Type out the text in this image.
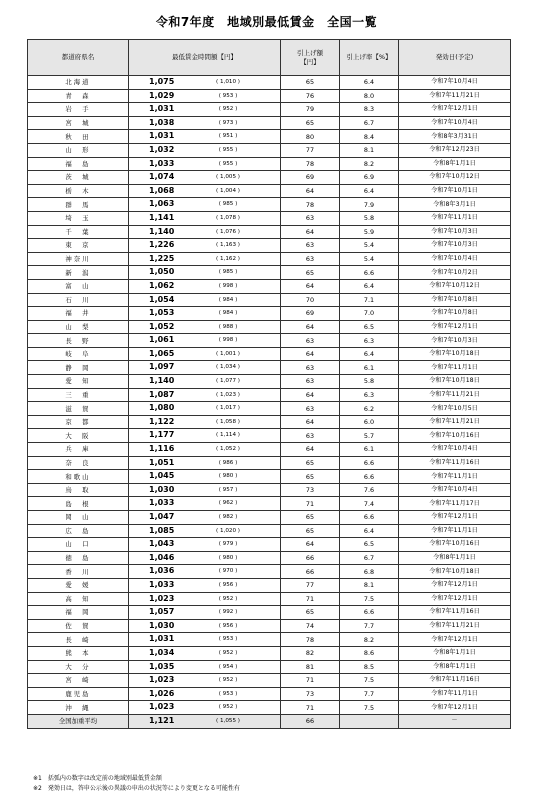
令和7年度　地域別最低賃金　全国一覧
都道府県名	最低賃金時間額【円】	引上げ額
【円】	引上げ率【%】	発効日(予定)
北海道	1,075 ( 1,010 )	65	6.4	令和7年10月4日
青　森	1,029 ( 953 )	76	8.0	令和7年11月21日
岩　手	1,031 ( 952 )	79	8.3	令和7年12月1日
宮　城	1,038 ( 973 )	65	6.7	令和7年10月4日
秋　田	1,031 ( 951 )	80	8.4	令和8年3月31日
山　形	1,032 ( 955 )	77	8.1	令和7年12月23日
福　島	1,033 ( 955 )	78	8.2	令和8年1月1日
茨　城	1,074 ( 1,005 )	69	6.9	令和7年10月12日
栃　木	1,068 ( 1,004 )	64	6.4	令和7年10月1日
群　馬	1,063 ( 985 )	78	7.9	令和8年3月1日
埼　玉	1,141 ( 1,078 )	63	5.8	令和7年11月1日
千　葉	1,140 ( 1,076 )	64	5.9	令和7年10月3日
東　京	1,226 ( 1,163 )	63	5.4	令和7年10月3日
神奈川	1,225 ( 1,162 )	63	5.4	令和7年10月4日
新　潟	1,050 ( 985 )	65	6.6	令和7年10月2日
富　山	1,062 ( 998 )	64	6.4	令和7年10月12日
石　川	1,054 ( 984 )	70	7.1	令和7年10月8日
福　井	1,053 ( 984 )	69	7.0	令和7年10月8日
山　梨	1,052 ( 988 )	64	6.5	令和7年12月1日
長　野	1,061 ( 998 )	63	6.3	令和7年10月3日
岐　阜	1,065 ( 1,001 )	64	6.4	令和7年10月18日
静　岡	1,097 ( 1,034 )	63	6.1	令和7年11月1日
愛　知	1,140 ( 1,077 )	63	5.8	令和7年10月18日
三　重	1,087 ( 1,023 )	64	6.3	令和7年11月21日
滋　賀	1,080 ( 1,017 )	63	6.2	令和7年10月5日
京　都	1,122 ( 1,058 )	64	6.0	令和7年11月21日
大　阪	1,177 ( 1,114 )	63	5.7	令和7年10月16日
兵　庫	1,116 ( 1,052 )	64	6.1	令和7年10月4日
奈　良	1,051 ( 986 )	65	6.6	令和7年11月16日
和歌山	1,045 ( 980 )	65	6.6	令和7年11月1日
鳥　取	1,030 ( 957 )	73	7.6	令和7年10月4日
島　根	1,033 ( 962 )	71	7.4	令和7年11月17日
岡　山	1,047 ( 982 )	65	6.6	令和7年12月1日
広　島	1,085 ( 1,020 )	65	6.4	令和7年11月1日
山　口	1,043 ( 979 )	64	6.5	令和7年10月16日
徳　島	1,046 ( 980 )	66	6.7	令和8年1月1日
香　川	1,036 ( 970 )	66	6.8	令和7年10月18日
愛　媛	1,033 ( 956 )	77	8.1	令和7年12月1日
高　知	1,023 ( 952 )	71	7.5	令和7年12月1日
福　岡	1,057 ( 992 )	65	6.6	令和7年11月16日
佐　賀	1,030 ( 956 )	74	7.7	令和7年11月21日
長　崎	1,031 ( 953 )	78	8.2	令和7年12月1日
熊　本	1,034 ( 952 )	82	8.6	令和8年1月1日
大　分	1,035 ( 954 )	81	8.5	令和8年1月1日
宮　崎	1,023 ( 952 )	71	7.5	令和7年11月16日
鹿児島	1,026 ( 953 )	73	7.7	令和7年11月1日
沖　縄	1,023 ( 952 )	71	7.5	令和7年12月1日
全国加重平均	1,121 ( 1,055 )	66		－
※1　括弧内の数字は改定前の地域別最低賃金額
※2　発効日は，答申公示後の異議の申出の状況等により変更となる可能性有
